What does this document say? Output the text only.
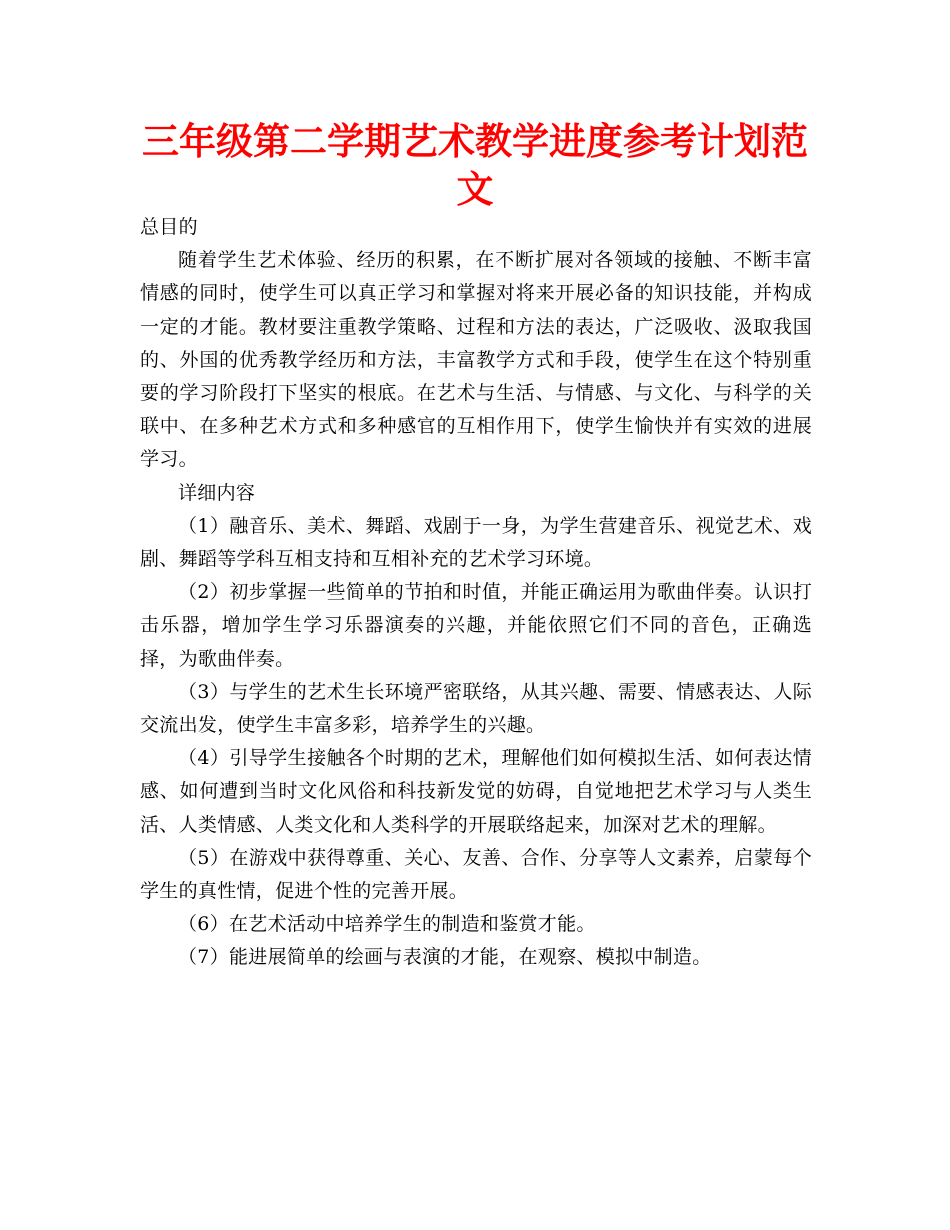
三年级第二学期艺术教学进度参考计划范文

总目的

随着学生艺术体验、经历的积累，在不断扩展对各领域的接触、不断丰富情感的同时，使学生可以真正学习和掌握对将来开展必备的知识技能，并构成一定的才能。教材要注重教学策略、过程和方法的表达，广泛吸收、汲取我国的、外国的优秀教学经历和方法，丰富教学方式和手段，使学生在这个特别重要的学习阶段打下坚实的根底。在艺术与生活、与情感、与文化、与科学的关联中、在多种艺术方式和多种感官的互相作用下，使学生愉快并有实效的进展学习。

详细内容

（1）融音乐、美术、舞蹈、戏剧于一身，为学生营建音乐、视觉艺术、戏剧、舞蹈等学科互相支持和互相补充的艺术学习环境。

（2）初步掌握一些简单的节拍和时值，并能正确运用为歌曲伴奏。认识打击乐器，增加学生学习乐器演奏的兴趣，并能依照它们不同的音色，正确选择，为歌曲伴奏。

（3）与学生的艺术生长环境严密联络，从其兴趣、需要、情感表达、人际交流出发，使学生丰富多彩，培养学生的兴趣。

（4）引导学生接触各个时期的艺术，理解他们如何模拟生活、如何表达情感、如何遭到当时文化风俗和科技新发觉的妨碍，自觉地把艺术学习与人类生活、人类情感、人类文化和人类科学的开展联络起来，加深对艺术的理解。

（5）在游戏中获得尊重、关心、友善、合作、分享等人文素养，启蒙每个学生的真性情，促进个性的完善开展。

（6）在艺术活动中培养学生的制造和鉴赏才能。

（7）能进展简单的绘画与表演的才能，在观察、模拟中制造。
